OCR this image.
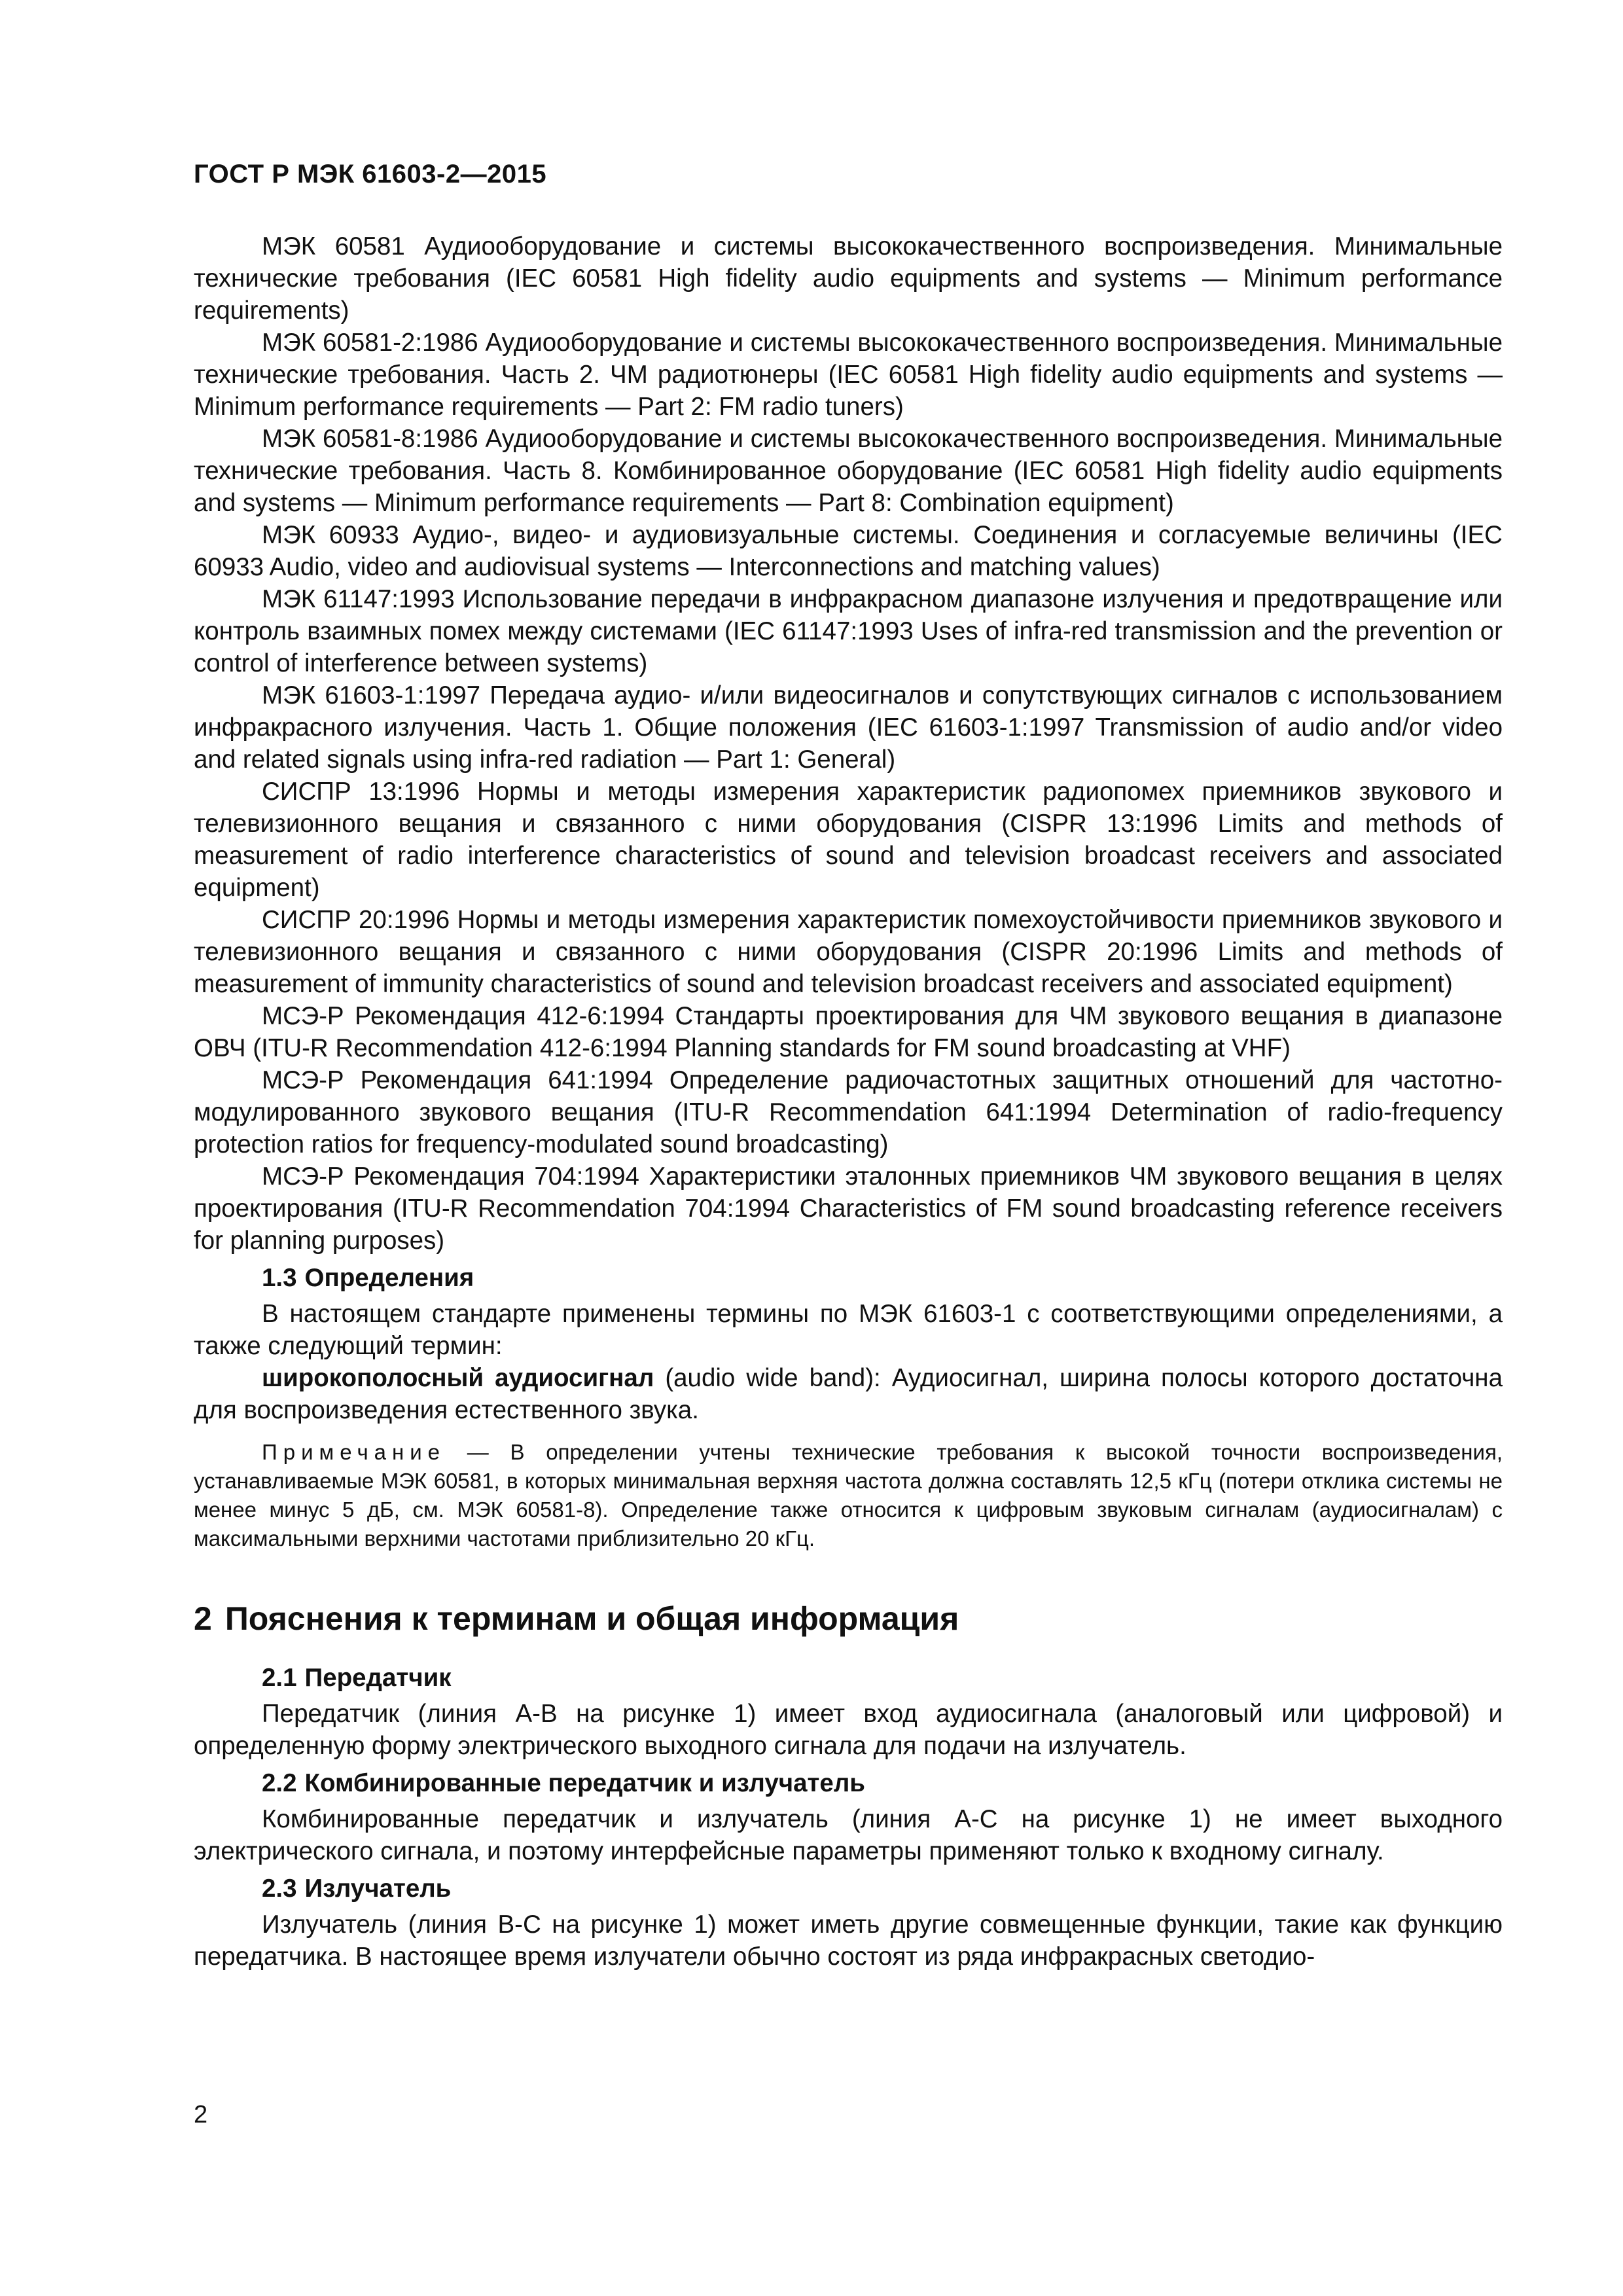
ГОСТ Р МЭК 61603-2—2015

МЭК 60581 Аудиооборудование и системы высококачественного воспроизведения. Минимальные технические требования (IEC 60581 High fidelity audio equipments and systems — Minimum performance requirements)

МЭК 60581-2:1986 Аудиооборудование и системы высококачественного воспроизведения. Минимальные технические требования. Часть 2. ЧМ радиотюнеры (IEC 60581 High fidelity audio equipments and systems — Minimum performance requirements — Part 2: FM radio tuners)

МЭК 60581-8:1986 Аудиооборудование и системы высококачественного воспроизведения. Минимальные технические требования. Часть 8. Комбинированное оборудование (IEC 60581 High fidelity audio equipments and systems — Minimum performance requirements — Part 8: Combination equipment)

МЭК 60933 Аудио-, видео- и аудиовизуальные системы. Соединения и согласуемые величины (IEC 60933 Audio, video and audiovisual systems — Interconnections and matching values)

МЭК 61147:1993 Использование передачи в инфракрасном диапазоне излучения и предотвращение или контроль взаимных помех между системами (IEC 61147:1993 Uses of infra-red transmission and the prevention or control of interference between systems)

МЭК 61603-1:1997 Передача аудио- и/или видеосигналов и сопутствующих сигналов с использованием инфракрасного излучения. Часть 1. Общие положения (IEC 61603-1:1997 Transmission of audio and/or video and related signals using infra-red radiation — Part 1: General)

СИСПР 13:1996 Нормы и методы измерения характеристик радиопомех приемников звукового и телевизионного вещания и связанного с ними оборудования (CISPR 13:1996 Limits and methods of measurement of radio interference characteristics of sound and television broadcast receivers and associated equipment)

СИСПР 20:1996 Нормы и методы измерения характеристик помехоустойчивости приемников звукового и телевизионного вещания и связанного с ними оборудования (CISPR 20:1996 Limits and methods of measurement of immunity characteristics of sound and television broadcast receivers and associated equipment)

МСЭ-Р Рекомендация 412-6:1994 Стандарты проектирования для ЧМ звукового вещания в диапазоне ОВЧ (ITU-R Recommendation 412-6:1994 Planning standards for FM sound broadcasting at VHF)

МСЭ-Р Рекомендация 641:1994 Определение радиочастотных защитных отношений для частотно-модулированного звукового вещания (ITU-R Recommendation 641:1994 Determination of radio-frequency protection ratios for frequency-modulated sound broadcasting)

МСЭ-Р Рекомендация 704:1994 Характеристики эталонных приемников ЧМ звукового вещания в целях проектирования (ITU-R Recommendation 704:1994 Characteristics of FM sound broadcasting reference receivers for planning purposes)

1.3 Определения

В настоящем стандарте применены термины по МЭК 61603-1 с соответствующими определениями, а также следующий термин:

широкополосный аудиосигнал (audio wide band): Аудиосигнал, ширина полосы которого достаточна для воспроизведения естественного звука.

Примечание — В определении учтены технические требования к высокой точности воспроизведения, устанавливаемые МЭК 60581, в которых минимальная верхняя частота должна составлять 12,5 кГц (потери отклика системы не менее минус 5 дБ, см. МЭК 60581-8). Определение также относится к цифровым звуковым сигналам (аудиосигналам) с максимальными верхними частотами приблизительно 20 кГц.

2 Пояснения к терминам и общая информация
2.1 Передатчик

Передатчик (линия А-В на рисунке 1) имеет вход аудиосигнала (аналоговый или цифровой) и определенную форму электрического выходного сигнала для подачи на излучатель.

2.2 Комбинированные передатчик и излучатель

Комбинированные передатчик и излучатель (линия А-С на рисунке 1) не имеет выходного электрического сигнала, и поэтому интерфейсные параметры применяют только к входному сигналу.

2.3 Излучатель

Излучатель (линия В-С на рисунке 1) может иметь другие совмещенные функции, такие как функцию передатчика. В настоящее время излучатели обычно состоят из ряда инфракрасных светодио-

2
